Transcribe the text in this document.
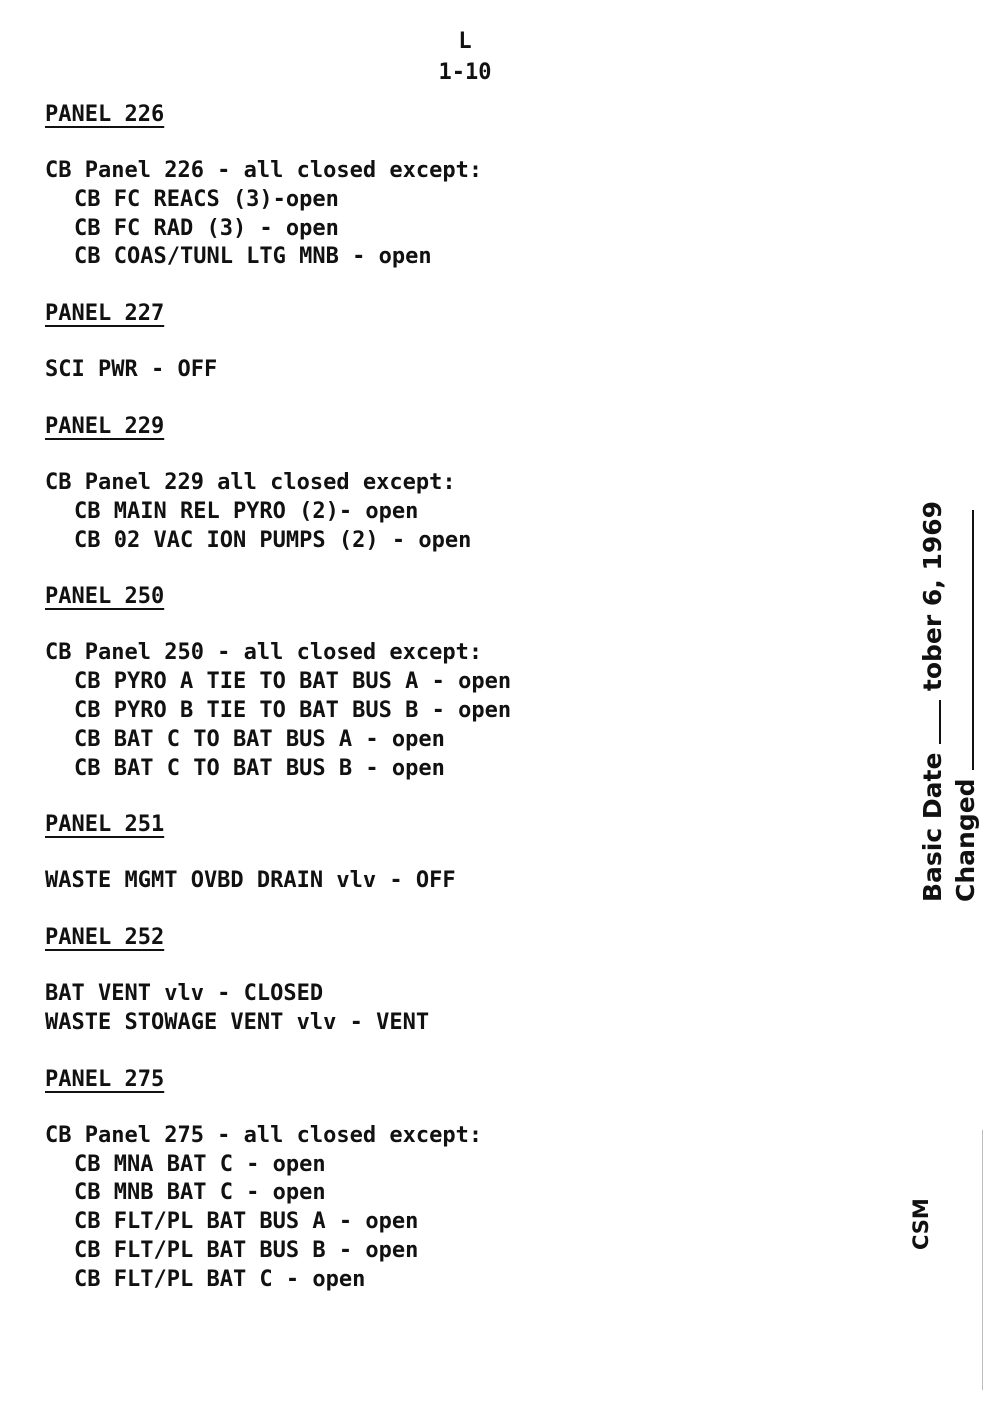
L
1-10
PANEL 226
CB Panel 226 - all closed except:
CB FC REACS (3)-open
CB FC RAD (3) - open
CB COAS/TUNL LTG MNB - open
PANEL 227
SCI PWR - OFF
PANEL 229
CB Panel 229 all closed except:
CB MAIN REL PYRO (2)- open
CB 02 VAC ION PUMPS (2) - open
PANEL 250
CB Panel 250 - all closed except:
CB PYRO A TIE TO BAT BUS A - open
CB PYRO B TIE TO BAT BUS B - open
CB BAT C TO BAT BUS A - open
CB BAT C TO BAT BUS B - open
PANEL 251
WASTE MGMT OVBD DRAIN vlv - OFF
PANEL 252
BAT VENT vlv - CLOSED
WASTE STOWAGE VENT vlv - VENT
PANEL 275
CB Panel 275 - all closed except:
CB MNA BAT C - open
CB MNB BAT C - open
CB FLT/PL BAT BUS A - open
CB FLT/PL BAT BUS B - open
CB FLT/PL BAT C - open
Basic Date  tober 6, 1969
Changed
CSM
